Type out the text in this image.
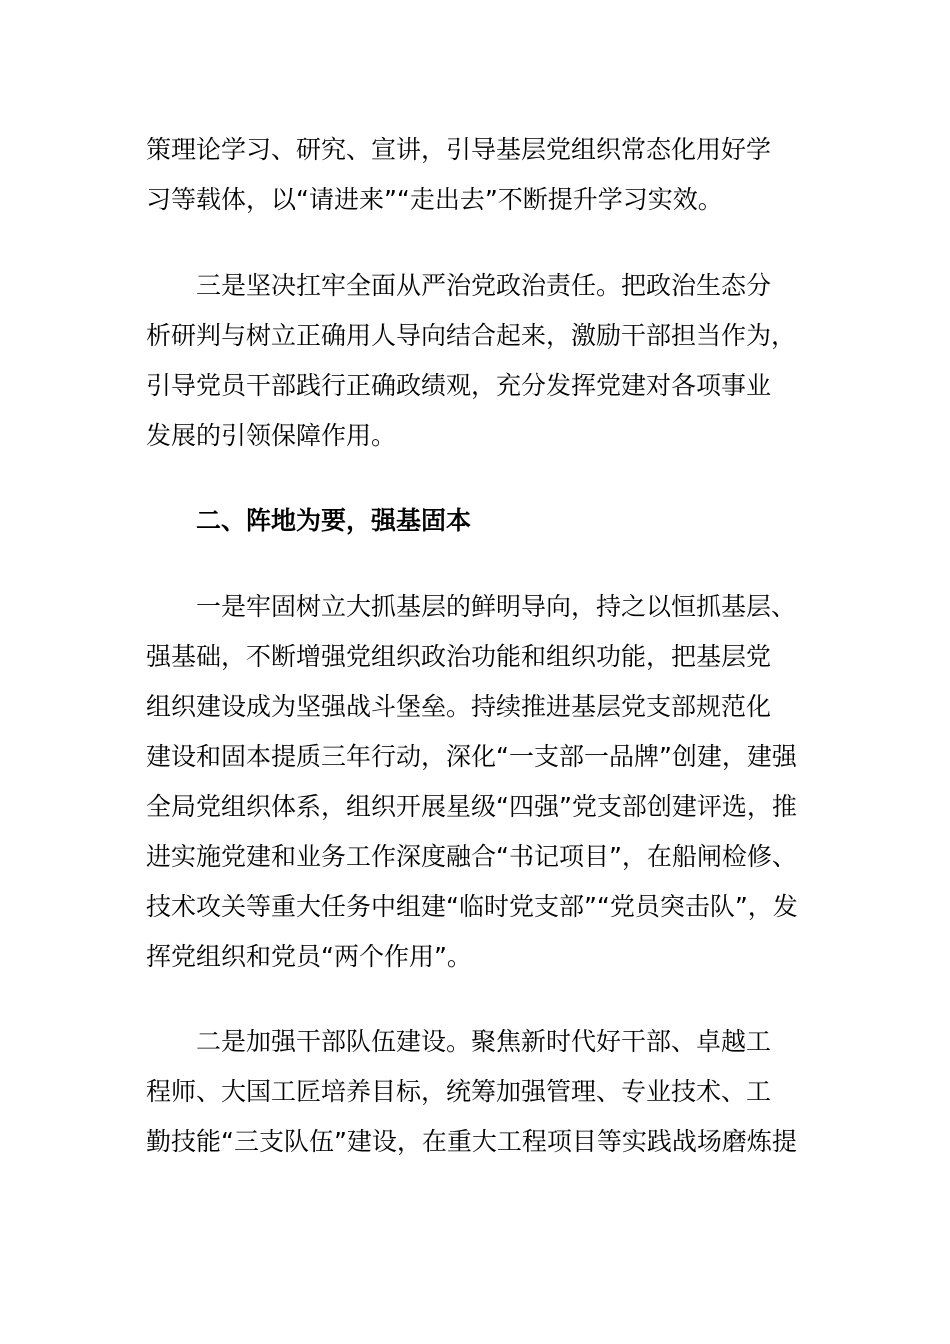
策理论学习、研究、宣讲，引导基层党组织常态化用好学
习等载体，以“请进来”“走出去”不断提升学习实效。
三是坚决扛牢全面从严治党政治责任。把政治生态分
析研判与树立正确用人导向结合起来，激励干部担当作为，
引导党员干部践行正确政绩观，充分发挥党建对各项事业
发展的引领保障作用。
二、阵地为要，强基固本
一是牢固树立大抓基层的鲜明导向，持之以恒抓基层、
强基础，不断增强党组织政治功能和组织功能，把基层党
组织建设成为坚强战斗堡垒。持续推进基层党支部规范化
建设和固本提质三年行动，深化“一支部一品牌”创建，建强
全局党组织体系，组织开展星级“四强”党支部创建评选，推
进实施党建和业务工作深度融合“书记项目”，在船闸检修、
技术攻关等重大任务中组建“临时党支部”“党员突击队”，发
挥党组织和党员“两个作用”。
二是加强干部队伍建设。聚焦新时代好干部、卓越工
程师、大国工匠培养目标，统筹加强管理、专业技术、工
勤技能“三支队伍”建设，在重大工程项目等实践战场磨炼提
